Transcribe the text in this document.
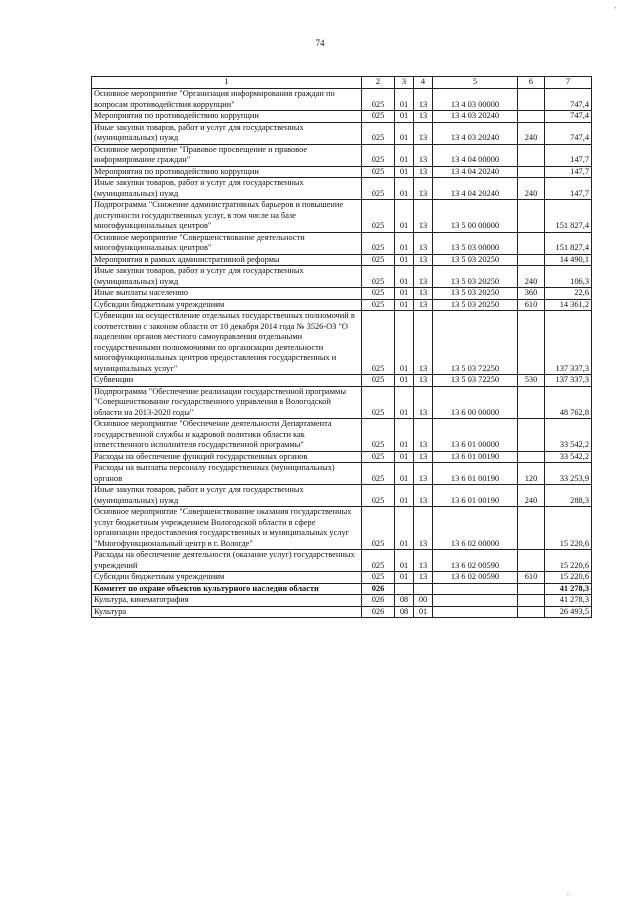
,
74
1	2	3	4	5	6	7
Основное мероприятие "Организация информирования граждан по вопросам противодействия коррупции"	025	01	13	13 4 03 00000		747,4
Мероприятия по противодействию коррупции	025	01	13	13 4 03 20240		747,4
Иные закупки товаров, работ и услуг для государственных (муниципальных) нужд	025	01	13	13 4 03 20240	240	747,4
Основное мероприятие "Правовое просвещение и правовое информирование граждан"	025	01	13	13 4 04 00000		147,7
Мероприятия по противодействию коррупции	025	01	13	13 4 04 20240		147,7
Иные закупки товаров, работ и услуг для государственных (муниципальных) нужд	025	01	13	13 4 04 20240	240	147,7
Подпрограмма "Снижение административных барьеров и повышение доступности государственных услуг, в том числе на базе многофункциональных центров"	025	01	13	13 5 00 00000		151 827,4
Основное мероприятие "Совершенствование деятельности многофункциональных центров"	025	01	13	13 5 03 00000		151 827,4
Мероприятия в рамках административной реформы	025	01	13	13 5 03 20250		14 490,1
Иные закупки товаров, работ и услуг для государственных (муниципальных) нужд	025	01	13	13 5 03 20250	240	106,3
Иные выплаты населению	025	01	13	13 5 03 20250	360	22,6
Субсидии бюджетным учреждениям	025	01	13	13 5 03 20250	610	14 361,2
Субвенции на осуществление отдельных государственных полномочий в соответствии с законом области от 10 декабря 2014 года № 3526-ОЗ "О наделении органов местного самоуправления отдельными государственными полномочиями по организации деятельности многофункциональных центров предоставления государственных и муниципальных услуг"	025	01	13	13 5 03 72250		137 337,3
Субвенции	025	01	13	13 5 03 72250	530	137 337,3
Подпрограмма "Обеспечение реализации государственной программы "Совершенствование государственного управления в Вологодской области на 2013-2020 годы"	025	01	13	13 6 00 00000		48 762,8
Основное мероприятие "Обеспечение деятельности Департамента государственной службы и кадровой политики области как ответственного исполнителя государственной программы"	025	01	13	13 6 01 00000		33 542,2
Расходы на обеспечение функций государственных органов	025	01	13	13 6 01 00190		33 542,2
Расходы на выплаты персоналу государственных (муниципальных) органов	025	01	13	13 6 01 00190	120	33 253,9
Иные закупки товаров, работ и услуг для государственных (муниципальных) нужд	025	01	13	13 6 01 00190	240	288,3
Основное мероприятие "Совершенствование оказания государственных услуг бюджетным учреждением Вологодской области в сфере организации предоставления государственных и муниципальных услуг "Многофункциональный центр в г. Вологде"	025	01	13	13 6 02 00000		15 220,6
Расходы на обеспечение деятельности (оказание услуг) государственных учреждений	025	01	13	13 6 02 00590		15 220,6
Субсидии бюджетным учреждениям	025	01	13	13 6 02 00590	610	15 220,6
Комитет по охране объектов культурного наследия области	026					41 278,3
Культура, кинематография	026	08	00			41 278,3
Культура	026	08	01			26 493,5
..
